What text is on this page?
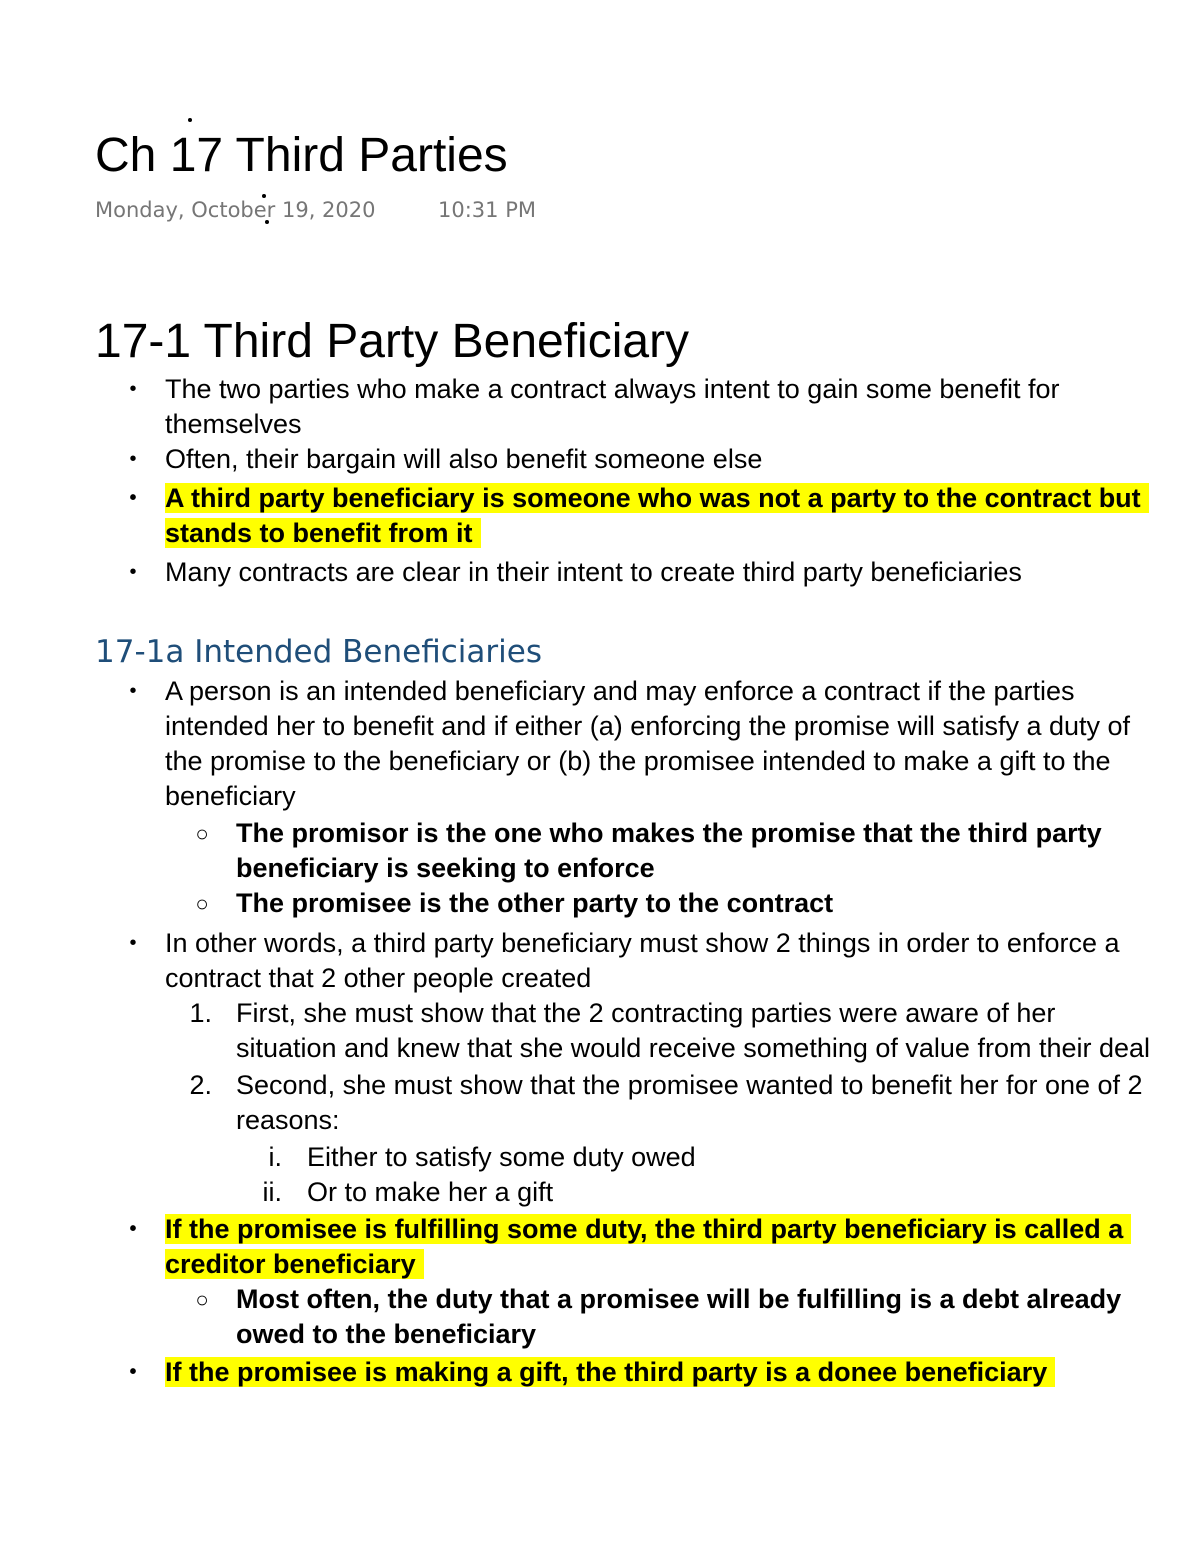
Ch 17 Third Parties
Monday, October 19, 2020	10:31 PM
17-1 Third Party Beneficiary
•	The two parties who make a contract always intent to gain some benefit for themselves
•	Often, their bargain will also benefit someone else
•	A third party beneficiary is someone who was not a party to the contract but stands to benefit from it
•	Many contracts are clear in their intent to create third party beneficiaries
17-1a Intended Beneficiaries
•	A person is an intended beneficiary and may enforce a contract if the parties intended her to benefit and if either (a) enforcing the promise will satisfy a duty of the promise to the beneficiary or (b) the promisee intended to make a gift to the beneficiary
○	The promisor is the one who makes the promise that the third party beneficiary is seeking to enforce
○	The promisee is the other party to the contract
•	In other words, a third party beneficiary must show 2 things in order to enforce a contract that 2 other people created
1. First, she must show that the 2 contracting parties were aware of her situation and knew that she would receive something of value from their deal
2. Second, she must show that the promisee wanted to benefit her for one of 2 reasons:
i. Either to satisfy some duty owed
ii. Or to make her a gift
•	If the promisee is fulfilling some duty, the third party beneficiary is called a creditor beneficiary
○	Most often, the duty that a promisee will be fulfilling is a debt already owed to the beneficiary
•	If the promisee is making a gift, the third party is a donee beneficiary
